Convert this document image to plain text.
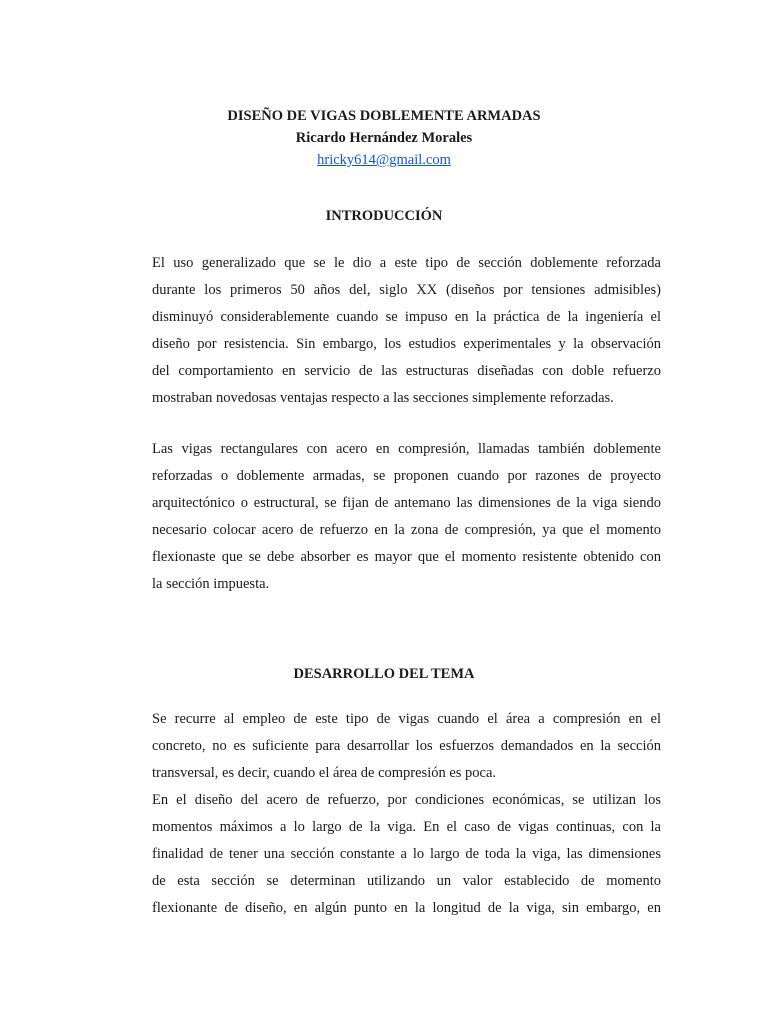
DISEÑO DE VIGAS DOBLEMENTE ARMADAS
Ricardo Hernández Morales
hricky614@gmail.com
INTRODUCCIÓN
El uso generalizado que se le dio a este tipo de sección doblemente reforzada
durante los primeros 50 años del, siglo XX (diseños por tensiones admisibles)
disminuyó considerablemente cuando se impuso en la práctica de la ingeniería el
diseño por resistencia. Sin embargo, los estudios experimentales y la observación
del comportamiento en servicio de las estructuras diseñadas con doble refuerzo
mostraban novedosas ventajas respecto a las secciones simplemente reforzadas.
Las vigas rectangulares con acero en compresión, llamadas también doblemente
reforzadas o doblemente armadas, se proponen cuando por razones de proyecto
arquitectónico o estructural, se fijan de antemano las dimensiones de la viga siendo
necesario colocar acero de refuerzo en la zona de compresión, ya que el momento
flexionaste que se debe absorber es mayor que el momento resistente obtenido con
la sección impuesta.
DESARROLLO DEL TEMA
Se recurre al empleo de este tipo de vigas cuando el área a compresión en el
concreto, no es suficiente para desarrollar los esfuerzos demandados en la sección
transversal, es decir, cuando el área de compresión es poca.
En el diseño del acero de refuerzo, por condiciones económicas, se utilizan los
momentos máximos a lo largo de la viga. En el caso de vigas continuas, con la
finalidad de tener una sección constante a lo largo de toda la viga, las dimensiones
de esta sección se determinan utilizando un valor establecido de momento
flexionante de diseño, en algún punto en la longitud de la viga, sin embargo, en
